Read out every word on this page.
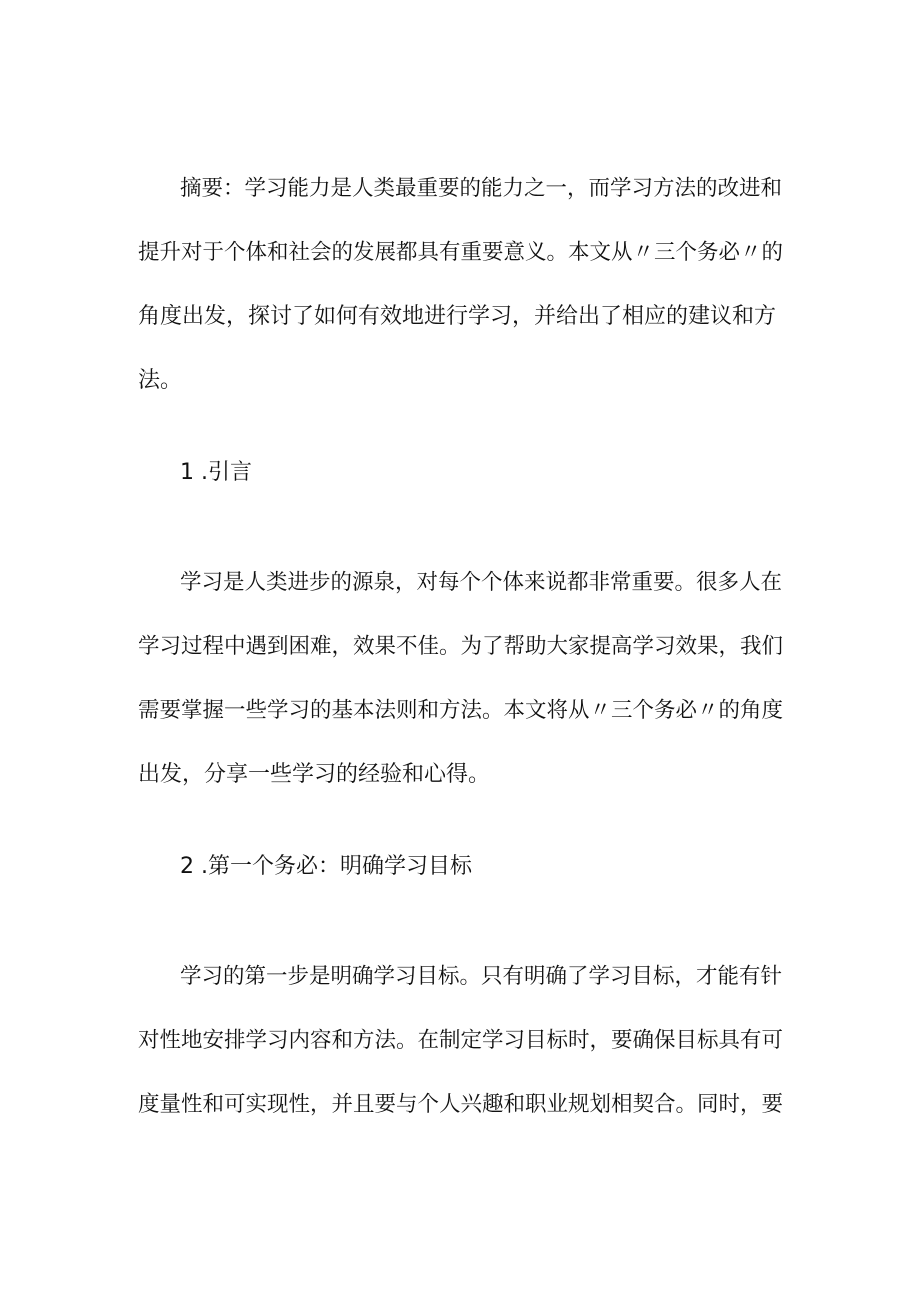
摘要：学习能力是人类最重要的能力之一，而学习方法的改进和
提升对于个体和社会的发展都具有重要意义。本文从〃三个务必〃的
角度出发，探讨了如何有效地进行学习，并给出了相应的建议和方
法。
1 .引言
学习是人类进步的源泉，对每个个体来说都非常重要。很多人在
学习过程中遇到困难，效果不佳。为了帮助大家提高学习效果，我们
需要掌握一些学习的基本法则和方法。本文将从〃三个务必〃的角度
出发，分享一些学习的经验和心得。
2 .第一个务必：明确学习目标
学习的第一步是明确学习目标。只有明确了学习目标，才能有针
对性地安排学习内容和方法。在制定学习目标时，要确保目标具有可
度量性和可实现性，并且要与个人兴趣和职业规划相契合。同时，要
